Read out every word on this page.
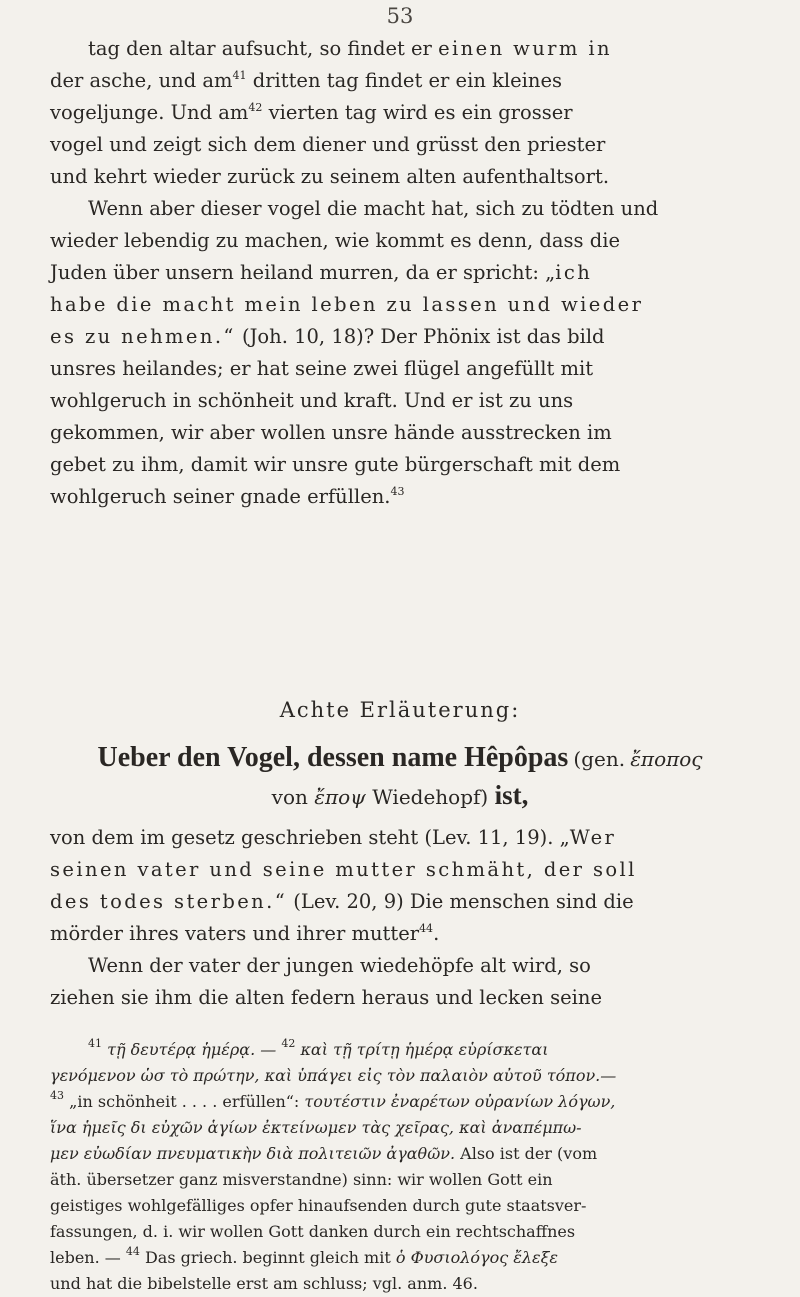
53
tag den altar aufsucht, so findet er einen wurm in
der asche, und $am^{41}$ dritten tag findet er ein kleines
vogeljunge. Und $am^{42}$ vierten tag wird es ein grosser
vogel und zeigt sich dem diener und grüsst den priester
und kehrt wieder zurück zu seinem alten aufenthaltsort.
Wenn aber dieser vogel die macht hat, sich zu tödten und
wieder lebendig zu machen, wie kommt es denn, dass die
Juden über unsern heiland murren, da er spricht: „ich
habe die macht mein leben zu lassen und wieder
es zu nehmen.“ (Joh. 10, 18)? Der Phönix ist das bild
unsres heilandes; er hat seine zwei flügel angefüllt mit
wohlgeruch in schönheit und kraft. Und er ist zu uns
gekommen, wir aber wollen unsre hände ausstrecken im
gebet zu ihm, damit wir unsre gute bürgerschaft mit dem
wohlgeruch seiner gnade erfüllen.$^{43}$
Achte Erläuterung:
Ueber den Vogel, dessen name Hêpôpas (gen. ἔποπος
von ἔποψ Wiedehopf) ist,
von dem im gesetz geschrieben steht (Lev. 11, 19). „Wer
seinen vater und seine mutter schmäht, der soll
des todes sterben.“ (Lev. 20, 9) Die menschen sind die
mörder ihres vaters und ihrer mutter$^{44}$.
Wenn der vater der jungen wiedehöpfe alt wird, so
ziehen sie ihm die alten federn heraus und lecken seine
$^{41}$ τῇ δευτέρᾳ ἡμέρᾳ. — $^{42}$ καὶ τῇ τρίτῃ ἡμέρᾳ εὑρίσκεται
γενόμενον ὡσ τὸ πρώτην, καὶ ὑπάγει εἰς τὸν παλαιὸν αὐτοῦ τόπον.—
$^{43}$ „in schönheit . . . . erfüllen“: τουτέστιν ἐναρέτων οὐρανίων λόγων,
ἵνα ἡμεῖς δι εὐχῶν ἁγίων ἐκτείνωμεν τὰς χεῖρας, καὶ ἀναπέμπω-
μεν εὐωδίαν πνευματικὴν διὰ πολιτειῶν ἀγαθῶν. Also ist der (vom
äth. übersetzer ganz misverstandne) sinn: wir wollen Gott ein
geistiges wohlgefälliges opfer hinaufsenden durch gute staatsver-
fassungen, d. i. wir wollen Gott danken durch ein rechtschaffnes
leben. — $^{44}$ Das griech. beginnt gleich mit ὁ Φυσιολόγος ἔλεξε
und hat die bibelstelle erst am schluss; vgl. anm. 46.
